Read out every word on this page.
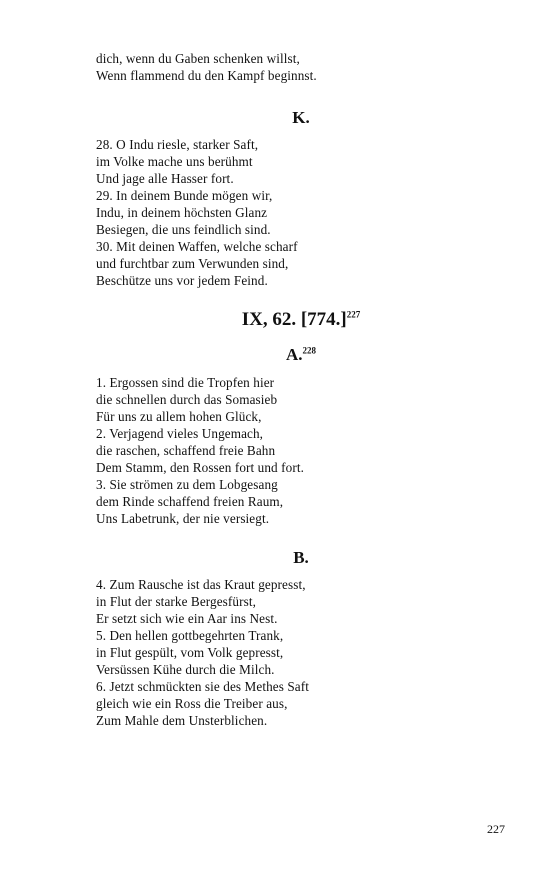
dich, wenn du Gaben schenken willst,
Wenn flammend du den Kampf beginnst.
K.
28. O Indu riesle, starker Saft,
im Volke mache uns berühmt
Und jage alle Hasser fort.
29. In deinem Bunde mögen wir,
Indu, in deinem höchsten Glanz
Besiegen, die uns feindlich sind.
30. Mit deinen Waffen, welche scharf
und furchtbar zum Verwunden sind,
Beschütze uns vor jedem Feind.
IX, 62. $[774.]^{227}$
A.$^{228}$
1. Ergossen sind die Tropfen hier
die schnellen durch das Somasieb
Für uns zu allem hohen Glück,
2. Verjagend vieles Ungemach,
die raschen, schaffend freie Bahn
Dem Stamm, den Rossen fort und fort.
3. Sie strömen zu dem Lobgesang
dem Rinde schaffend freien Raum,
Uns Labetrunk, der nie versiegt.
B.
4. Zum Rausche ist das Kraut gepresst,
in Flut der starke Bergesfürst,
Er setzt sich wie ein Aar ins Nest.
5. Den hellen gottbegehrten Trank,
in Flut gespült, vom Volk gepresst,
Versüssen Kühe durch die Milch.
6. Jetzt schmückten sie des Methes Saft
gleich wie ein Ross die Treiber aus,
Zum Mahle dem Unsterblichen.
227
